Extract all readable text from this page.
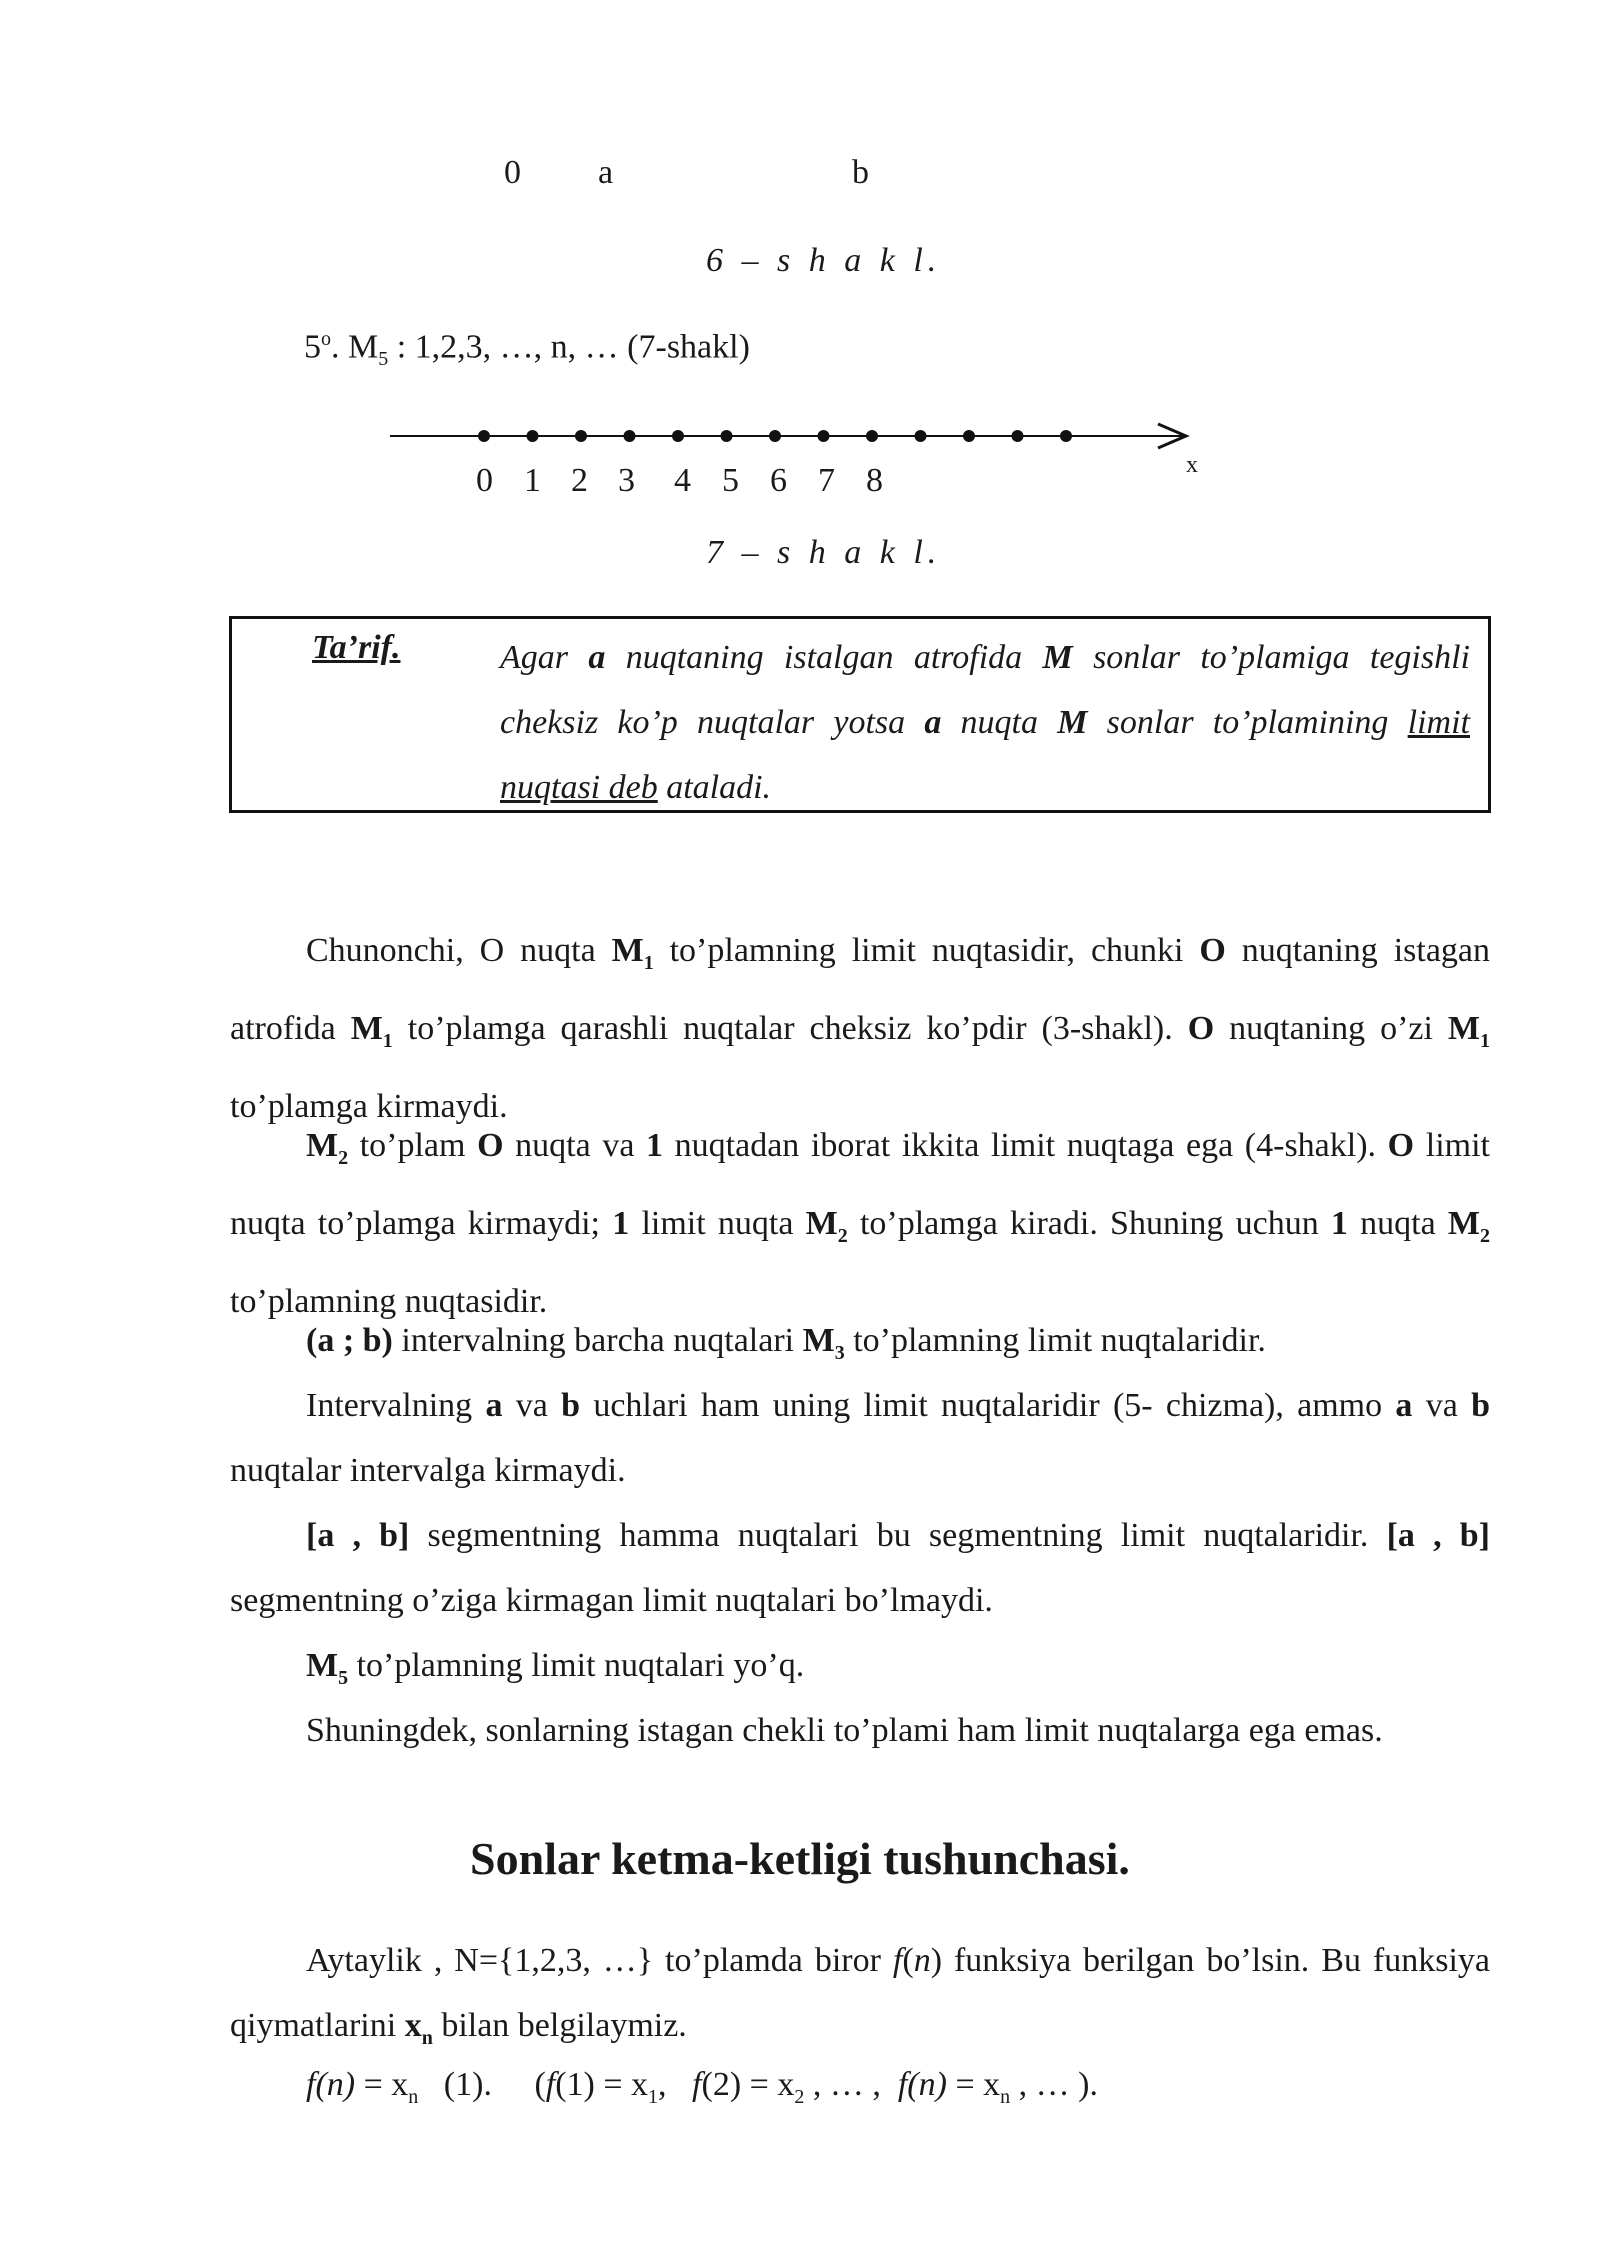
0 a	b
6 – s h a k l.
5$^o$. $M_5$ : 1,2,3, …, n, … (7-shakl)
0 1 2 3 4 5 6 7 8	x
7 – s h a k l.
Ta’rif.	Agar a nuqtaning istalgan atrofida M sonlar to’plamiga tegishli cheksiz ko’p nuqtalar yotsa a nuqta M sonlar to’plamining limit nuqtasi deb ataladi.

Chunonchi, O nuqta $M_1$ to’plamning limit nuqtasidir, chunki O nuqtaning istagan atrofida $M_1$ to’plamga qarashli nuqtalar cheksiz ko’pdir (3-shakl). O nuqtaning o’zi $M_1$ to’plamga kirmaydi.

$M_2$ to’plam O nuqta va 1 nuqtadan iborat ikkita limit nuqtaga ega (4-shakl). O limit nuqta to’plamga kirmaydi; 1 limit nuqta $M_2$ to’plamga kiradi. Shuning uchun 1 nuqta $M_2$ to’plamning nuqtasidir.

(a ; b) intervalning barcha nuqtalari $M_3$ to’plamning limit nuqtalaridir.

Intervalning a va b uchlari ham uning limit nuqtalaridir (5- chizma), ammo a va b nuqtalar intervalga kirmaydi.

[a , b] segmentning hamma nuqtalari bu segmentning limit nuqtalaridir. [a , b] segmentning o’ziga kirmagan limit nuqtalari bo’lmaydi.

$M_5$ to’plamning limit nuqtalari yo’q.

Shuningdek, sonlarning istagan chekli to’plami ham limit nuqtalarga ega emas.

Sonlar ketma-ketligi tushunchasi.

Aytaylik , N={1,2,3, …} to’plamda biror f(n) funksiya berilgan bo’lsin. Bu funksiya qiymatlarini $x_n$ bilan belgilaymiz.

$f(n) = x_n$   (1).     ($f(1) = x_1$,   $f(2) = x_2$ , … ,  $f(n) = x_n$ , … ).
